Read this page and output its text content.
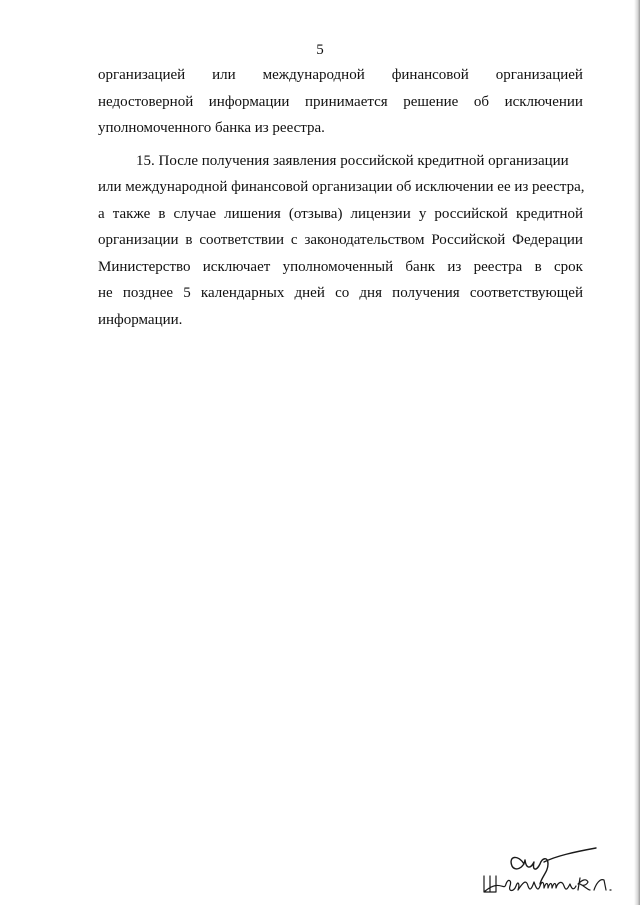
5
организацией или международной финансовой организацией
недостоверной информации принимается решение об исключении
уполномоченного банка из реестра.
15. После получения заявления российской кредитной организации
или международной финансовой организации об исключении ее из реестра,
а также в случае лишения (отзыва) лицензии у российской кредитной
организации в соответствии с законодательством Российской Федерации
Министерство исключает уполномоченный банк из реестра в срок
не позднее 5 календарных дней со дня получения соответствующей
информации.
